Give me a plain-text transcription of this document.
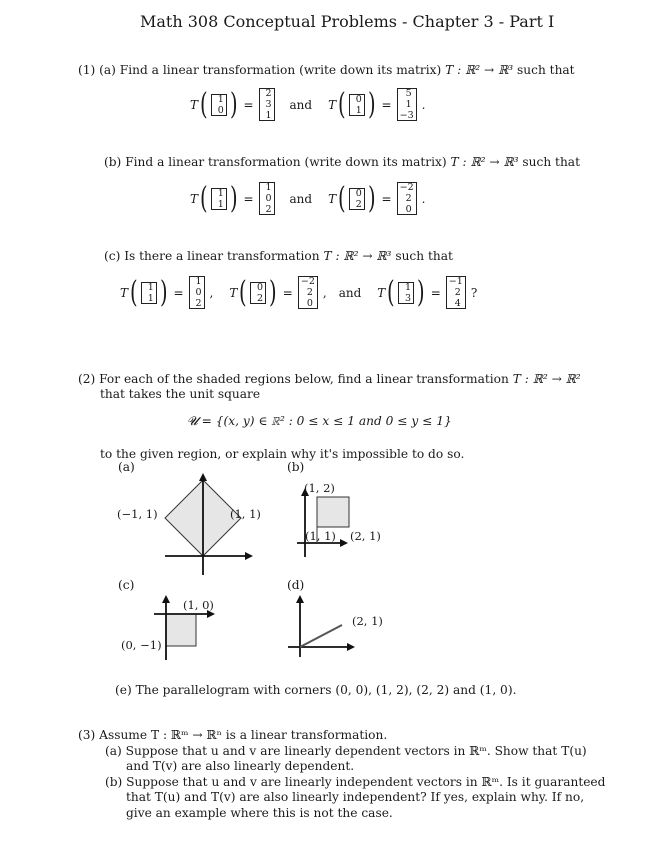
Math 308 Conceptual Problems - Chapter 3 - Part I
(1) (a) Find a linear transformation (write down its matrix) T : ℝ² → ℝ³ such that
T (	1
0 ) =
2
3
1
and T (	0
1 ) =
5
1
−3
.
(b) Find a linear transformation (write down its matrix) T : ℝ² → ℝ³ such that
T (	1
1 ) =
1
0
2
and T (	0
2 ) =
−2
2
0
.
(c) Is there a linear transformation T : ℝ² → ℝ³ such that
T (	1
1 ) =
1
0
2
, T (	0
2 ) =
−2
2
0
, and T (	1
3 ) =
−1
2
4
?
(2) For each of the shaded regions below, find a linear transformation T : ℝ² → ℝ²
that takes the unit square
𝓤 = {(x, y) ∈ ℝ² : 0 ≤ x ≤ 1 and 0 ≤ y ≤ 1}
to the given region, or explain why it's impossible to do so.
(a)
(−1, 1)	(1, 1)
(b)
(1, 2)
(1, 1) (2, 1)
(c)
(1, 0)
(0, −1)
(d)
(2, 1)
(e) The parallelogram with corners (0, 0), (1, 2), (2, 2) and (1, 0).
(3) Assume T : ℝᵐ → ℝⁿ is a linear transformation.
(a) Suppose that u and v are linearly dependent vectors in ℝᵐ. Show that T(u)
and T(v) are also linearly dependent.
(b) Suppose that u and v are linearly independent vectors in ℝᵐ. Is it guaranteed
that T(u) and T(v) are also linearly independent? If yes, explain why. If no,
give an example where this is not the case.
